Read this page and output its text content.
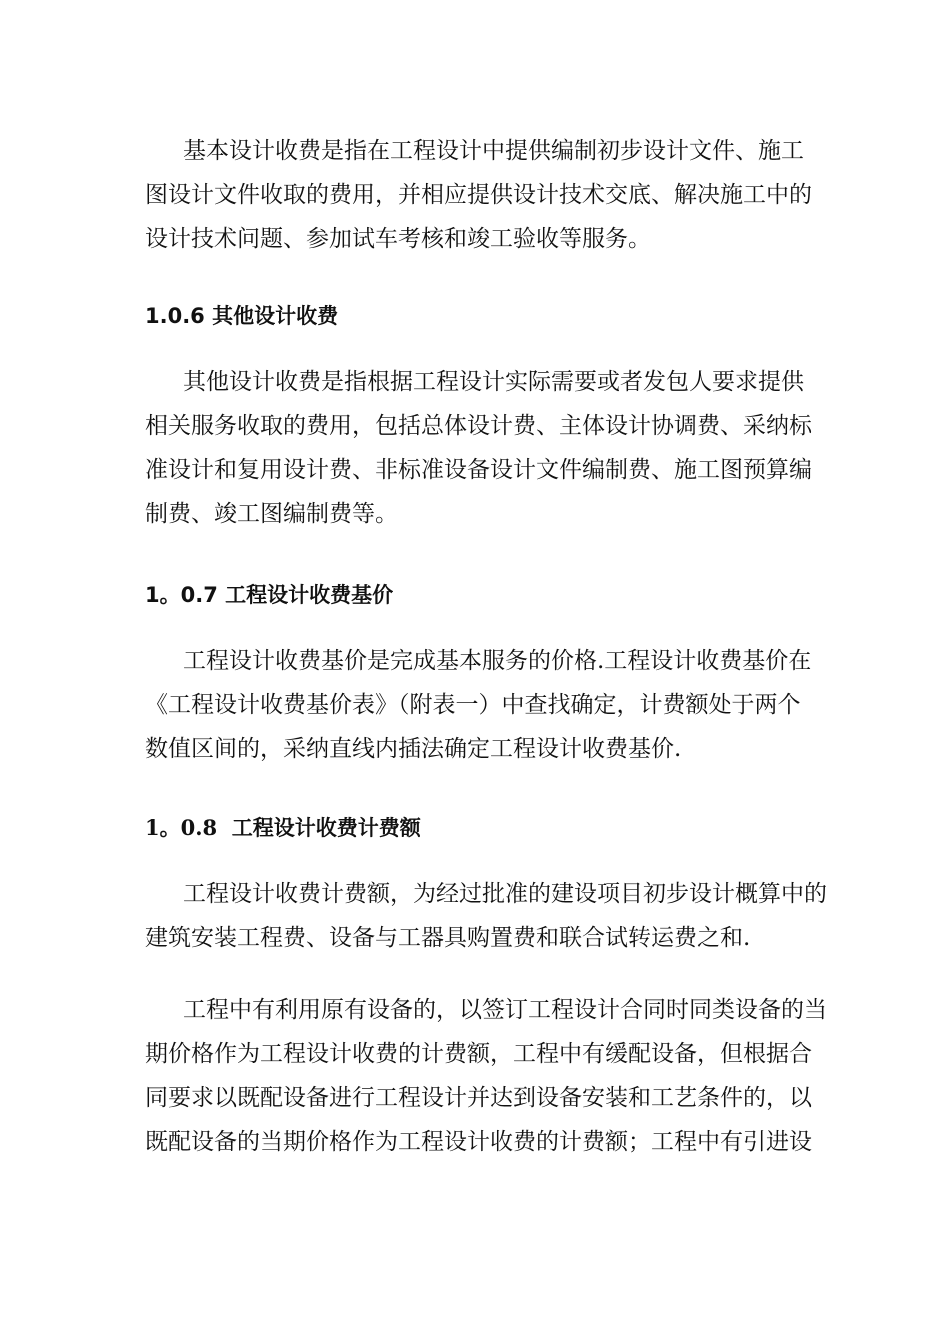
基本设计收费是指在工程设计中提供编制初步设计文件、施工
图设计文件收取的费用，并相应提供设计技术交底、解决施工中的
设计技术问题、参加试车考核和竣工验收等服务。

1.0.6 其他设计收费

其他设计收费是指根据工程设计实际需要或者发包人要求提供
相关服务收取的费用，包括总体设计费、主体设计协调费、采纳标
准设计和复用设计费、非标准设备设计文件编制费、施工图预算编
制费、竣工图编制费等。

1。0.7 工程设计收费基价

工程设计收费基价是完成基本服务的价格.工程设计收费基价在
《工程设计收费基价表》（附表一）中查找确定，计费额处于两个
数值区间的，采纳直线内插法确定工程设计收费基价.

1。0.8  工程设计收费计费额

工程设计收费计费额，为经过批准的建设项目初步设计概算中的
建筑安装工程费、设备与工器具购置费和联合试转运费之和.

工程中有利用原有设备的，以签订工程设计合同时同类设备的当
期价格作为工程设计收费的计费额，工程中有缓配设备，但根据合
同要求以既配设备进行工程设计并达到设备安装和工艺条件的，以
既配设备的当期价格作为工程设计收费的计费额；工程中有引进设
